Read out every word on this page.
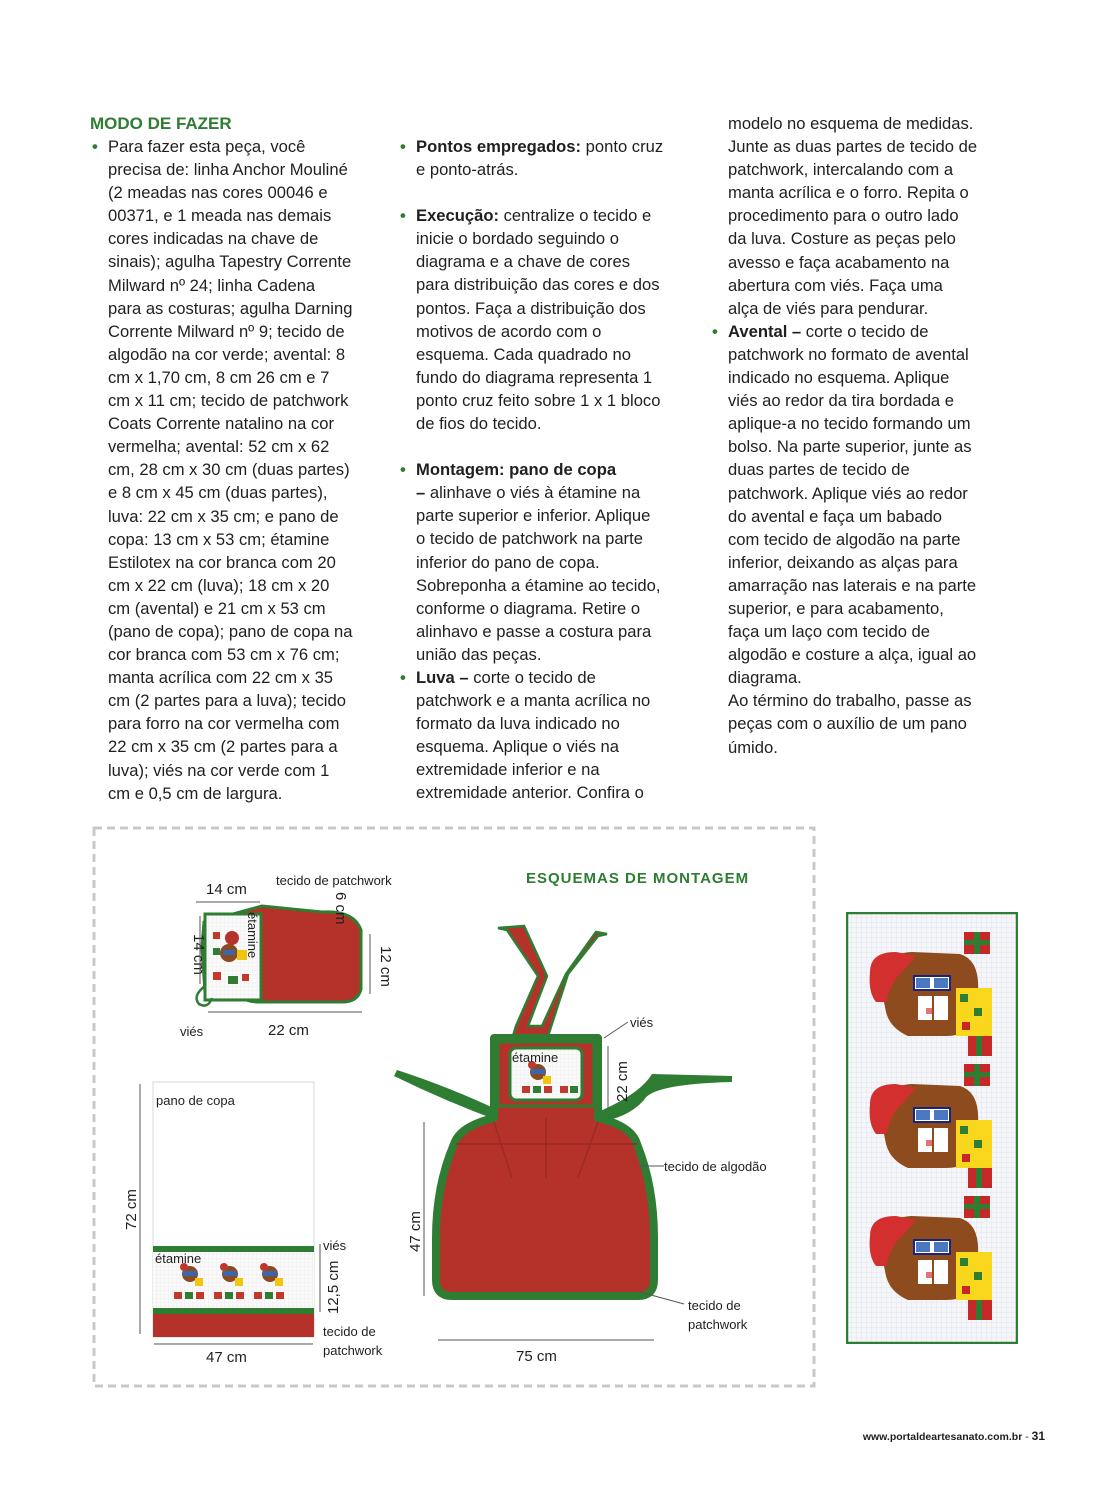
MODO DE FAZER

• Para fazer esta peça, você

precisa de: linha Anchor Mouliné

(2 meadas nas cores 00046 e

00371, e 1 meada nas demais

cores indicadas na chave de

sinais); agulha Tapestry Corrente

Milward nº 24; linha Cadena

para as costuras; agulha Darning

Corrente Milward nº 9; tecido de

algodão na cor verde; avental: 8

cm x 1,70 cm, 8 cm 26 cm e 7

cm x 11 cm; tecido de patchwork

Coats Corrente natalino na cor

vermelha; avental: 52 cm x 62

cm, 28 cm x 30 cm (duas partes)

e 8 cm x 45 cm (duas partes),

luva: 22 cm x 35 cm; e pano de

copa: 13 cm x 53 cm; étamine

Estilotex na cor branca com 20

cm x 22 cm (luva); 18 cm x 20

cm (avental) e 21 cm x 53 cm

(pano de copa); pano de copa na

cor branca com 53 cm x 76 cm;

manta acrílica com 22 cm x 35

cm (2 partes para a luva); tecido

para forro na cor vermelha com

22 cm x 35 cm (2 partes para a

luva); viés na cor verde com 1

cm e 0,5 cm de largura.

• Pontos empregados: ponto cruz

e ponto-atrás.

• Execução: centralize o tecido e

inicie o bordado seguindo o

diagrama e a chave de cores

para distribuição das cores e dos

pontos. Faça a distribuição dos

motivos de acordo com o

esquema. Cada quadrado no

fundo do diagrama representa 1

ponto cruz feito sobre 1 x 1 bloco

de fios do tecido.

• Montagem: pano de copa

– alinhave o viés à étamine na

parte superior e inferior. Aplique

o tecido de patchwork na parte

inferior do pano de copa.

Sobreponha a étamine ao tecido,

conforme o diagrama. Retire o

alinhavo e passe a costura para

união das peças.

• Luva – corte o tecido de

patchwork e a manta acrílica no

formato da luva indicado no

esquema. Aplique o viés na

extremidade inferior e na

extremidade anterior. Confira o

modelo no esquema de medidas.

Junte as duas partes de tecido de

patchwork, intercalando com a

manta acrílica e o forro. Repita o

procedimento para o outro lado

da luva. Costure as peças pelo

avesso e faça acabamento na

abertura com viés. Faça uma

alça de viés para pendurar.

• Avental – corte o tecido de

patchwork no formato de avental

indicado no esquema. Aplique

viés ao redor da tira bordada e

aplique-a no tecido formando um

bolso. Na parte superior, junte as

duas partes de tecido de

patchwork. Aplique viés ao redor

do avental e faça um babado

com tecido de algodão na parte

inferior, deixando as alças para

amarração nas laterais e na parte

superior, e para acabamento,

faça um laço com tecido de

algodão e costure a alça, igual ao

diagrama.

Ao término do trabalho, passe as

peças com o auxílio de um pano

úmido.

ESQUEMAS DE MONTAGEM
tecido de patchwork
14 cm
14 cm	étamine
6 cm
12 cm
22 cm
viés
pano de copa
étamine
72 cm
12,5 cm
viés
tecido de
patchwork
47 cm
étamine
viés
22 cm
tecido de algodão
47 cm
tecido de
patchwork
75 cm
www.portaldeartesanato.com.br - 31
